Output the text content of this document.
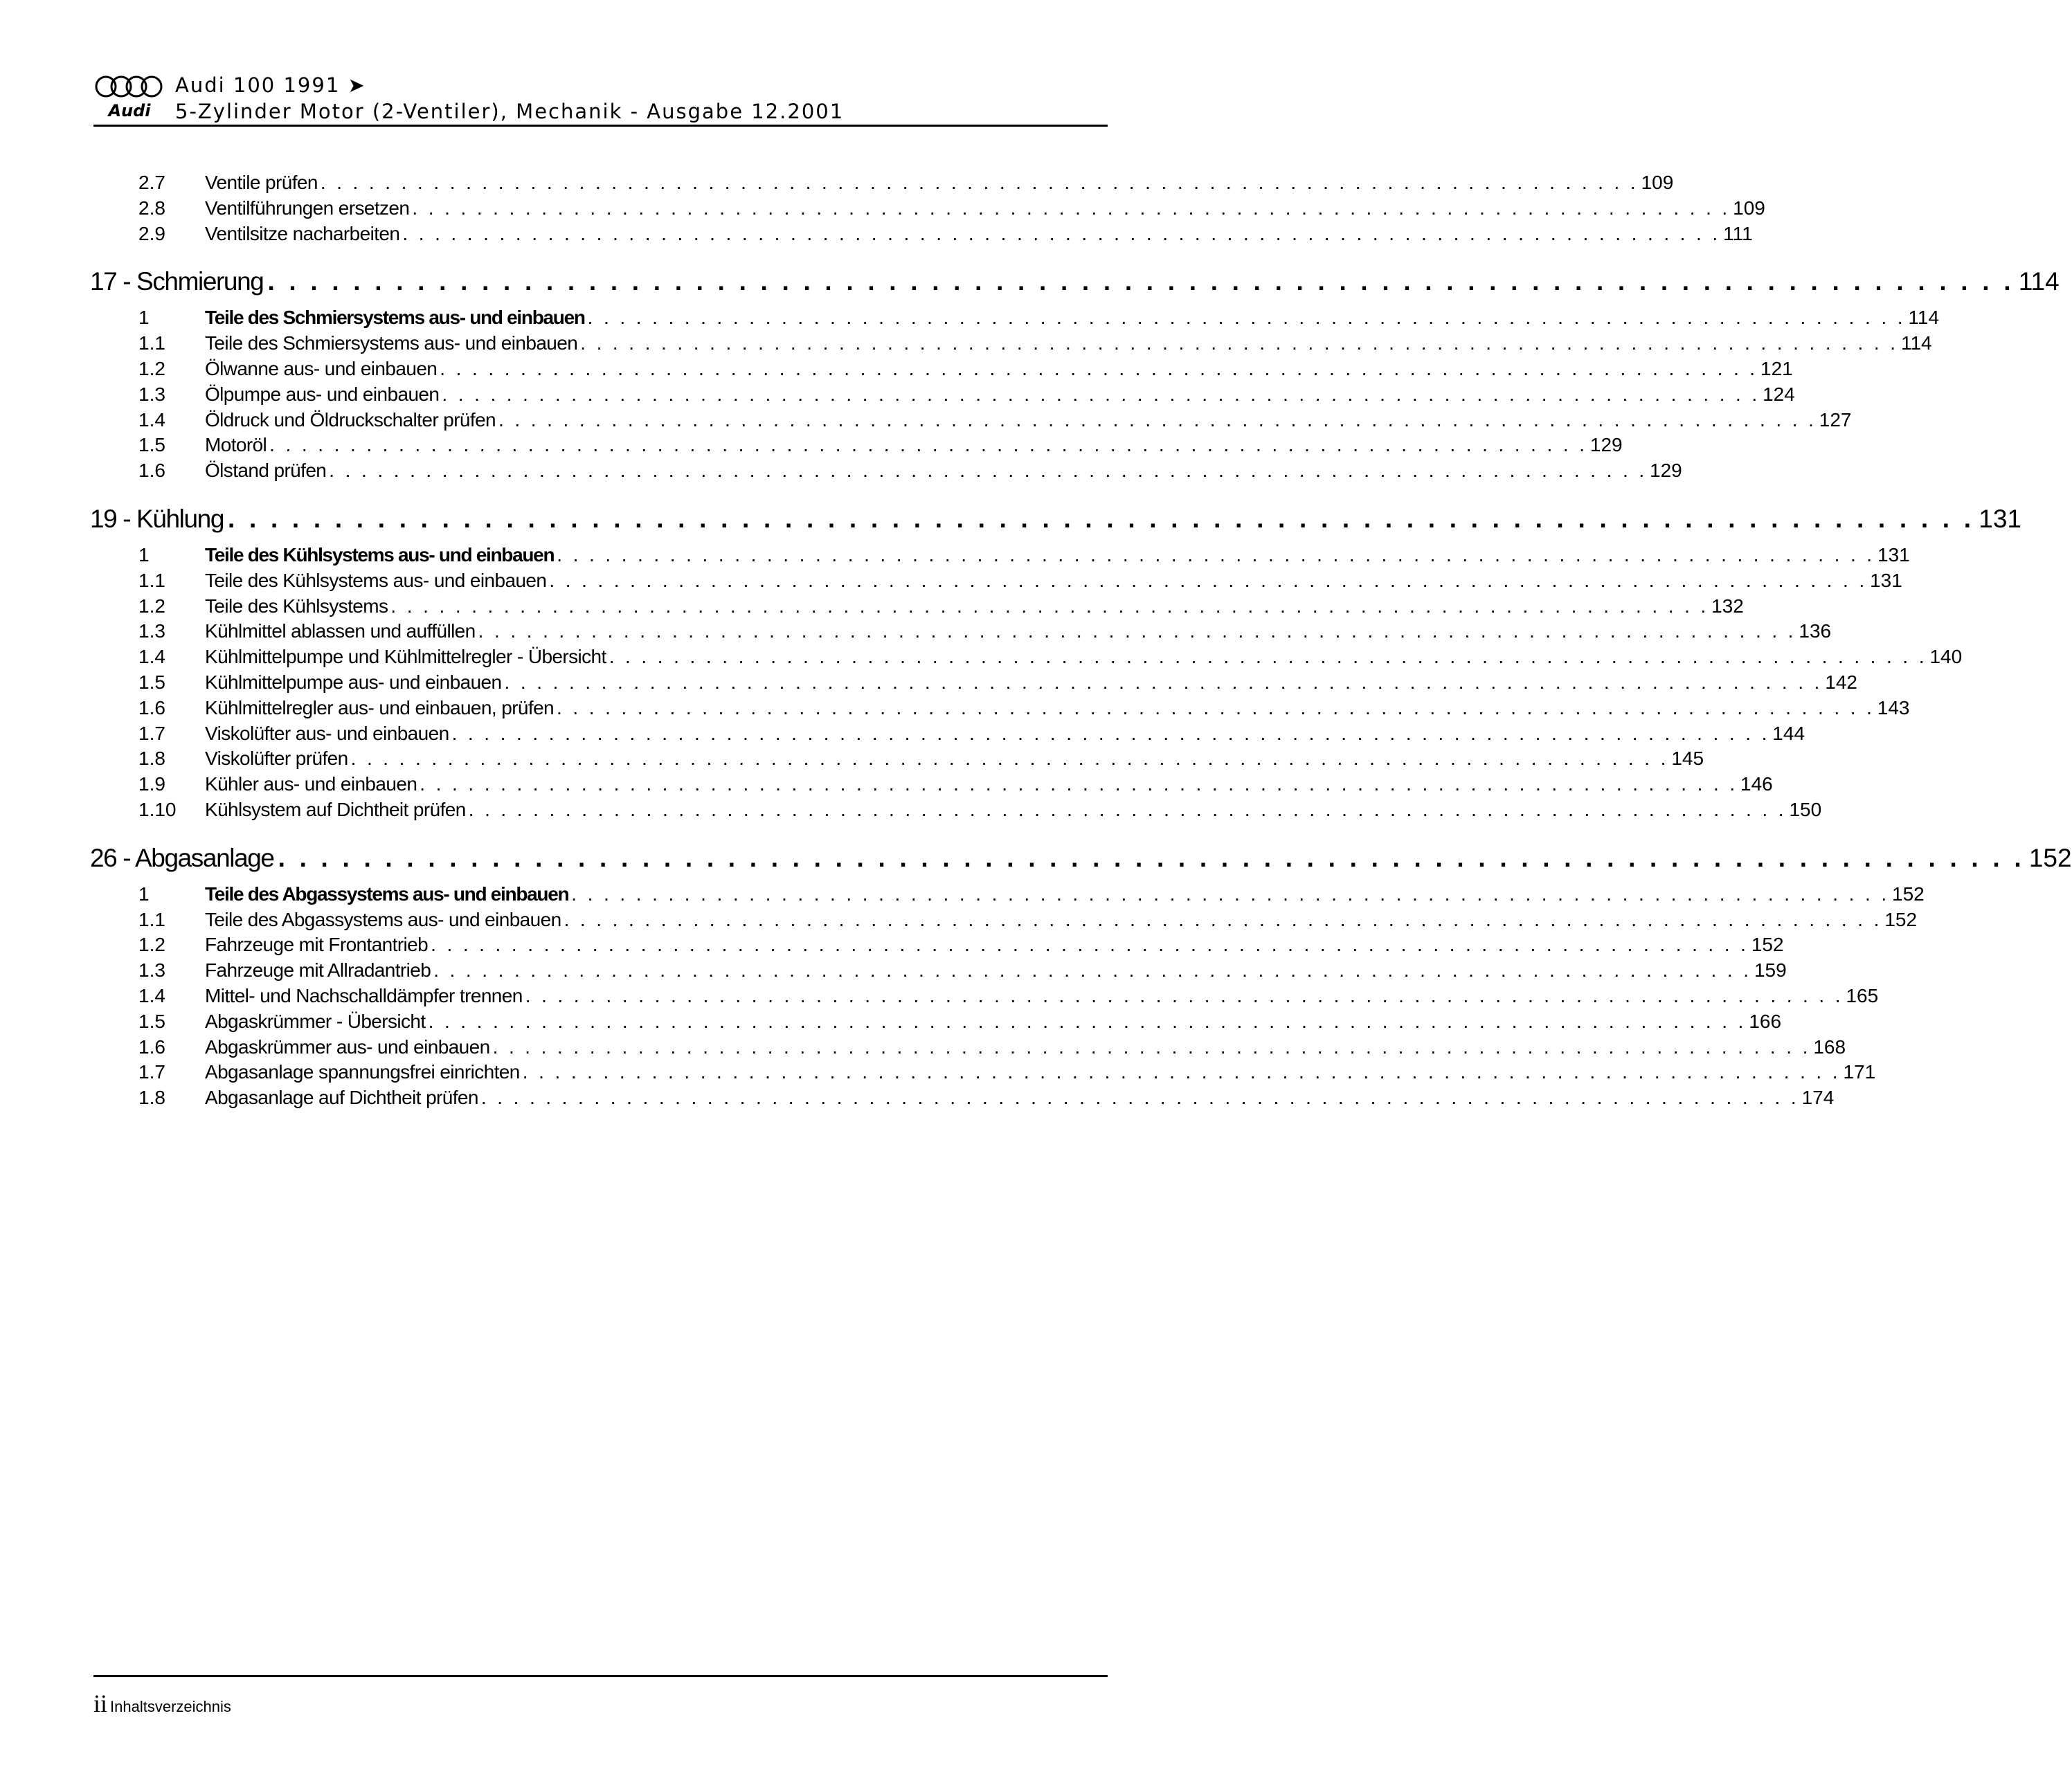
Audi
Audi 100 1991 ➤
5-Zylinder Motor (2-Ventiler), Mechanik - Ausgabe 12.2001
2.7	Ventile prüfen . . . . . . . . . . . . . . . . . . . . . . . . . . . . . . . . . . . . . . . . . . . . . . . . . . . . . . . . . . . . . . . . . . . . . . . . . . . . . . . . . . 109
2.8	Ventilführungen ersetzen . . . . . . . . . . . . . . . . . . . . . . . . . . . . . . . . . . . . . . . . . . . . . . . . . . . . . . . . . . . . . . . . . . . . . . . . . . . . . . . . . . 109
2.9	Ventilsitze nacharbeiten . . . . . . . . . . . . . . . . . . . . . . . . . . . . . . . . . . . . . . . . . . . . . . . . . . . . . . . . . . . . . . . . . . . . . . . . . . . . . . . . . . 111
17 - Schmierung . . . . . . . . . . . . . . . . . . . . . . . . . . . . . . . . . . . . . . . . . . . . . . . . . . . . . . . . . . . . . . . . . . . . . . . . . . . . . . . . . . 114
1	Teile des Schmiersystems aus- und einbauen . . . . . . . . . . . . . . . . . . . . . . . . . . . . . . . . . . . . . . . . . . . . . . . . . . . . . . . . . . . . . . . . . . . . . . . . . . . . . . . . . . 114
1.1	Teile des Schmiersystems aus- und einbauen . . . . . . . . . . . . . . . . . . . . . . . . . . . . . . . . . . . . . . . . . . . . . . . . . . . . . . . . . . . . . . . . . . . . . . . . . . . . . . . . . . 114
1.2	Ölwanne aus- und einbauen . . . . . . . . . . . . . . . . . . . . . . . . . . . . . . . . . . . . . . . . . . . . . . . . . . . . . . . . . . . . . . . . . . . . . . . . . . . . . . . . . . 121
1.3	Ölpumpe aus- und einbauen . . . . . . . . . . . . . . . . . . . . . . . . . . . . . . . . . . . . . . . . . . . . . . . . . . . . . . . . . . . . . . . . . . . . . . . . . . . . . . . . . . 124
1.4	Öldruck und Öldruckschalter prüfen . . . . . . . . . . . . . . . . . . . . . . . . . . . . . . . . . . . . . . . . . . . . . . . . . . . . . . . . . . . . . . . . . . . . . . . . . . . . . . . . . . 127
1.5	Motoröl . . . . . . . . . . . . . . . . . . . . . . . . . . . . . . . . . . . . . . . . . . . . . . . . . . . . . . . . . . . . . . . . . . . . . . . . . . . . . . . . . . 129
1.6	Ölstand prüfen . . . . . . . . . . . . . . . . . . . . . . . . . . . . . . . . . . . . . . . . . . . . . . . . . . . . . . . . . . . . . . . . . . . . . . . . . . . . . . . . . . 129
19 - Kühlung . . . . . . . . . . . . . . . . . . . . . . . . . . . . . . . . . . . . . . . . . . . . . . . . . . . . . . . . . . . . . . . . . . . . . . . . . . . . . . . . . . 131
1	Teile des Kühlsystems aus- und einbauen . . . . . . . . . . . . . . . . . . . . . . . . . . . . . . . . . . . . . . . . . . . . . . . . . . . . . . . . . . . . . . . . . . . . . . . . . . . . . . . . . . 131
1.1	Teile des Kühlsystems aus- und einbauen . . . . . . . . . . . . . . . . . . . . . . . . . . . . . . . . . . . . . . . . . . . . . . . . . . . . . . . . . . . . . . . . . . . . . . . . . . . . . . . . . . 131
1.2	Teile des Kühlsystems . . . . . . . . . . . . . . . . . . . . . . . . . . . . . . . . . . . . . . . . . . . . . . . . . . . . . . . . . . . . . . . . . . . . . . . . . . . . . . . . . . 132
1.3	Kühlmittel ablassen und auffüllen . . . . . . . . . . . . . . . . . . . . . . . . . . . . . . . . . . . . . . . . . . . . . . . . . . . . . . . . . . . . . . . . . . . . . . . . . . . . . . . . . . 136
1.4	Kühlmittelpumpe und Kühlmittelregler - Übersicht . . . . . . . . . . . . . . . . . . . . . . . . . . . . . . . . . . . . . . . . . . . . . . . . . . . . . . . . . . . . . . . . . . . . . . . . . . . . . . . . . . 140
1.5	Kühlmittelpumpe aus- und einbauen . . . . . . . . . . . . . . . . . . . . . . . . . . . . . . . . . . . . . . . . . . . . . . . . . . . . . . . . . . . . . . . . . . . . . . . . . . . . . . . . . . 142
1.6	Kühlmittelregler aus- und einbauen, prüfen . . . . . . . . . . . . . . . . . . . . . . . . . . . . . . . . . . . . . . . . . . . . . . . . . . . . . . . . . . . . . . . . . . . . . . . . . . . . . . . . . . 143
1.7	Viskolüfter aus- und einbauen . . . . . . . . . . . . . . . . . . . . . . . . . . . . . . . . . . . . . . . . . . . . . . . . . . . . . . . . . . . . . . . . . . . . . . . . . . . . . . . . . . 144
1.8	Viskolüfter prüfen . . . . . . . . . . . . . . . . . . . . . . . . . . . . . . . . . . . . . . . . . . . . . . . . . . . . . . . . . . . . . . . . . . . . . . . . . . . . . . . . . . 145
1.9	Kühler aus- und einbauen . . . . . . . . . . . . . . . . . . . . . . . . . . . . . . . . . . . . . . . . . . . . . . . . . . . . . . . . . . . . . . . . . . . . . . . . . . . . . . . . . . 146
1.10	Kühlsystem auf Dichtheit prüfen . . . . . . . . . . . . . . . . . . . . . . . . . . . . . . . . . . . . . . . . . . . . . . . . . . . . . . . . . . . . . . . . . . . . . . . . . . . . . . . . . . 150
26 - Abgasanlage . . . . . . . . . . . . . . . . . . . . . . . . . . . . . . . . . . . . . . . . . . . . . . . . . . . . . . . . . . . . . . . . . . . . . . . . . . . . . . . . . . 152
1	Teile des Abgassystems aus- und einbauen . . . . . . . . . . . . . . . . . . . . . . . . . . . . . . . . . . . . . . . . . . . . . . . . . . . . . . . . . . . . . . . . . . . . . . . . . . . . . . . . . . 152
1.1	Teile des Abgassystems aus- und einbauen . . . . . . . . . . . . . . . . . . . . . . . . . . . . . . . . . . . . . . . . . . . . . . . . . . . . . . . . . . . . . . . . . . . . . . . . . . . . . . . . . . 152
1.2	Fahrzeuge mit Frontantrieb . . . . . . . . . . . . . . . . . . . . . . . . . . . . . . . . . . . . . . . . . . . . . . . . . . . . . . . . . . . . . . . . . . . . . . . . . . . . . . . . . . 152
1.3	Fahrzeuge mit Allradantrieb . . . . . . . . . . . . . . . . . . . . . . . . . . . . . . . . . . . . . . . . . . . . . . . . . . . . . . . . . . . . . . . . . . . . . . . . . . . . . . . . . . 159
1.4	Mittel- und Nachschalldämpfer trennen . . . . . . . . . . . . . . . . . . . . . . . . . . . . . . . . . . . . . . . . . . . . . . . . . . . . . . . . . . . . . . . . . . . . . . . . . . . . . . . . . . 165
1.5	Abgaskrümmer - Übersicht . . . . . . . . . . . . . . . . . . . . . . . . . . . . . . . . . . . . . . . . . . . . . . . . . . . . . . . . . . . . . . . . . . . . . . . . . . . . . . . . . . 166
1.6	Abgaskrümmer aus- und einbauen . . . . . . . . . . . . . . . . . . . . . . . . . . . . . . . . . . . . . . . . . . . . . . . . . . . . . . . . . . . . . . . . . . . . . . . . . . . . . . . . . . 168
1.7	Abgasanlage spannungsfrei einrichten . . . . . . . . . . . . . . . . . . . . . . . . . . . . . . . . . . . . . . . . . . . . . . . . . . . . . . . . . . . . . . . . . . . . . . . . . . . . . . . . . . 171
1.8	Abgasanlage auf Dichtheit prüfen . . . . . . . . . . . . . . . . . . . . . . . . . . . . . . . . . . . . . . . . . . . . . . . . . . . . . . . . . . . . . . . . . . . . . . . . . . . . . . . . . . 174
ii Inhaltsverzeichnis
